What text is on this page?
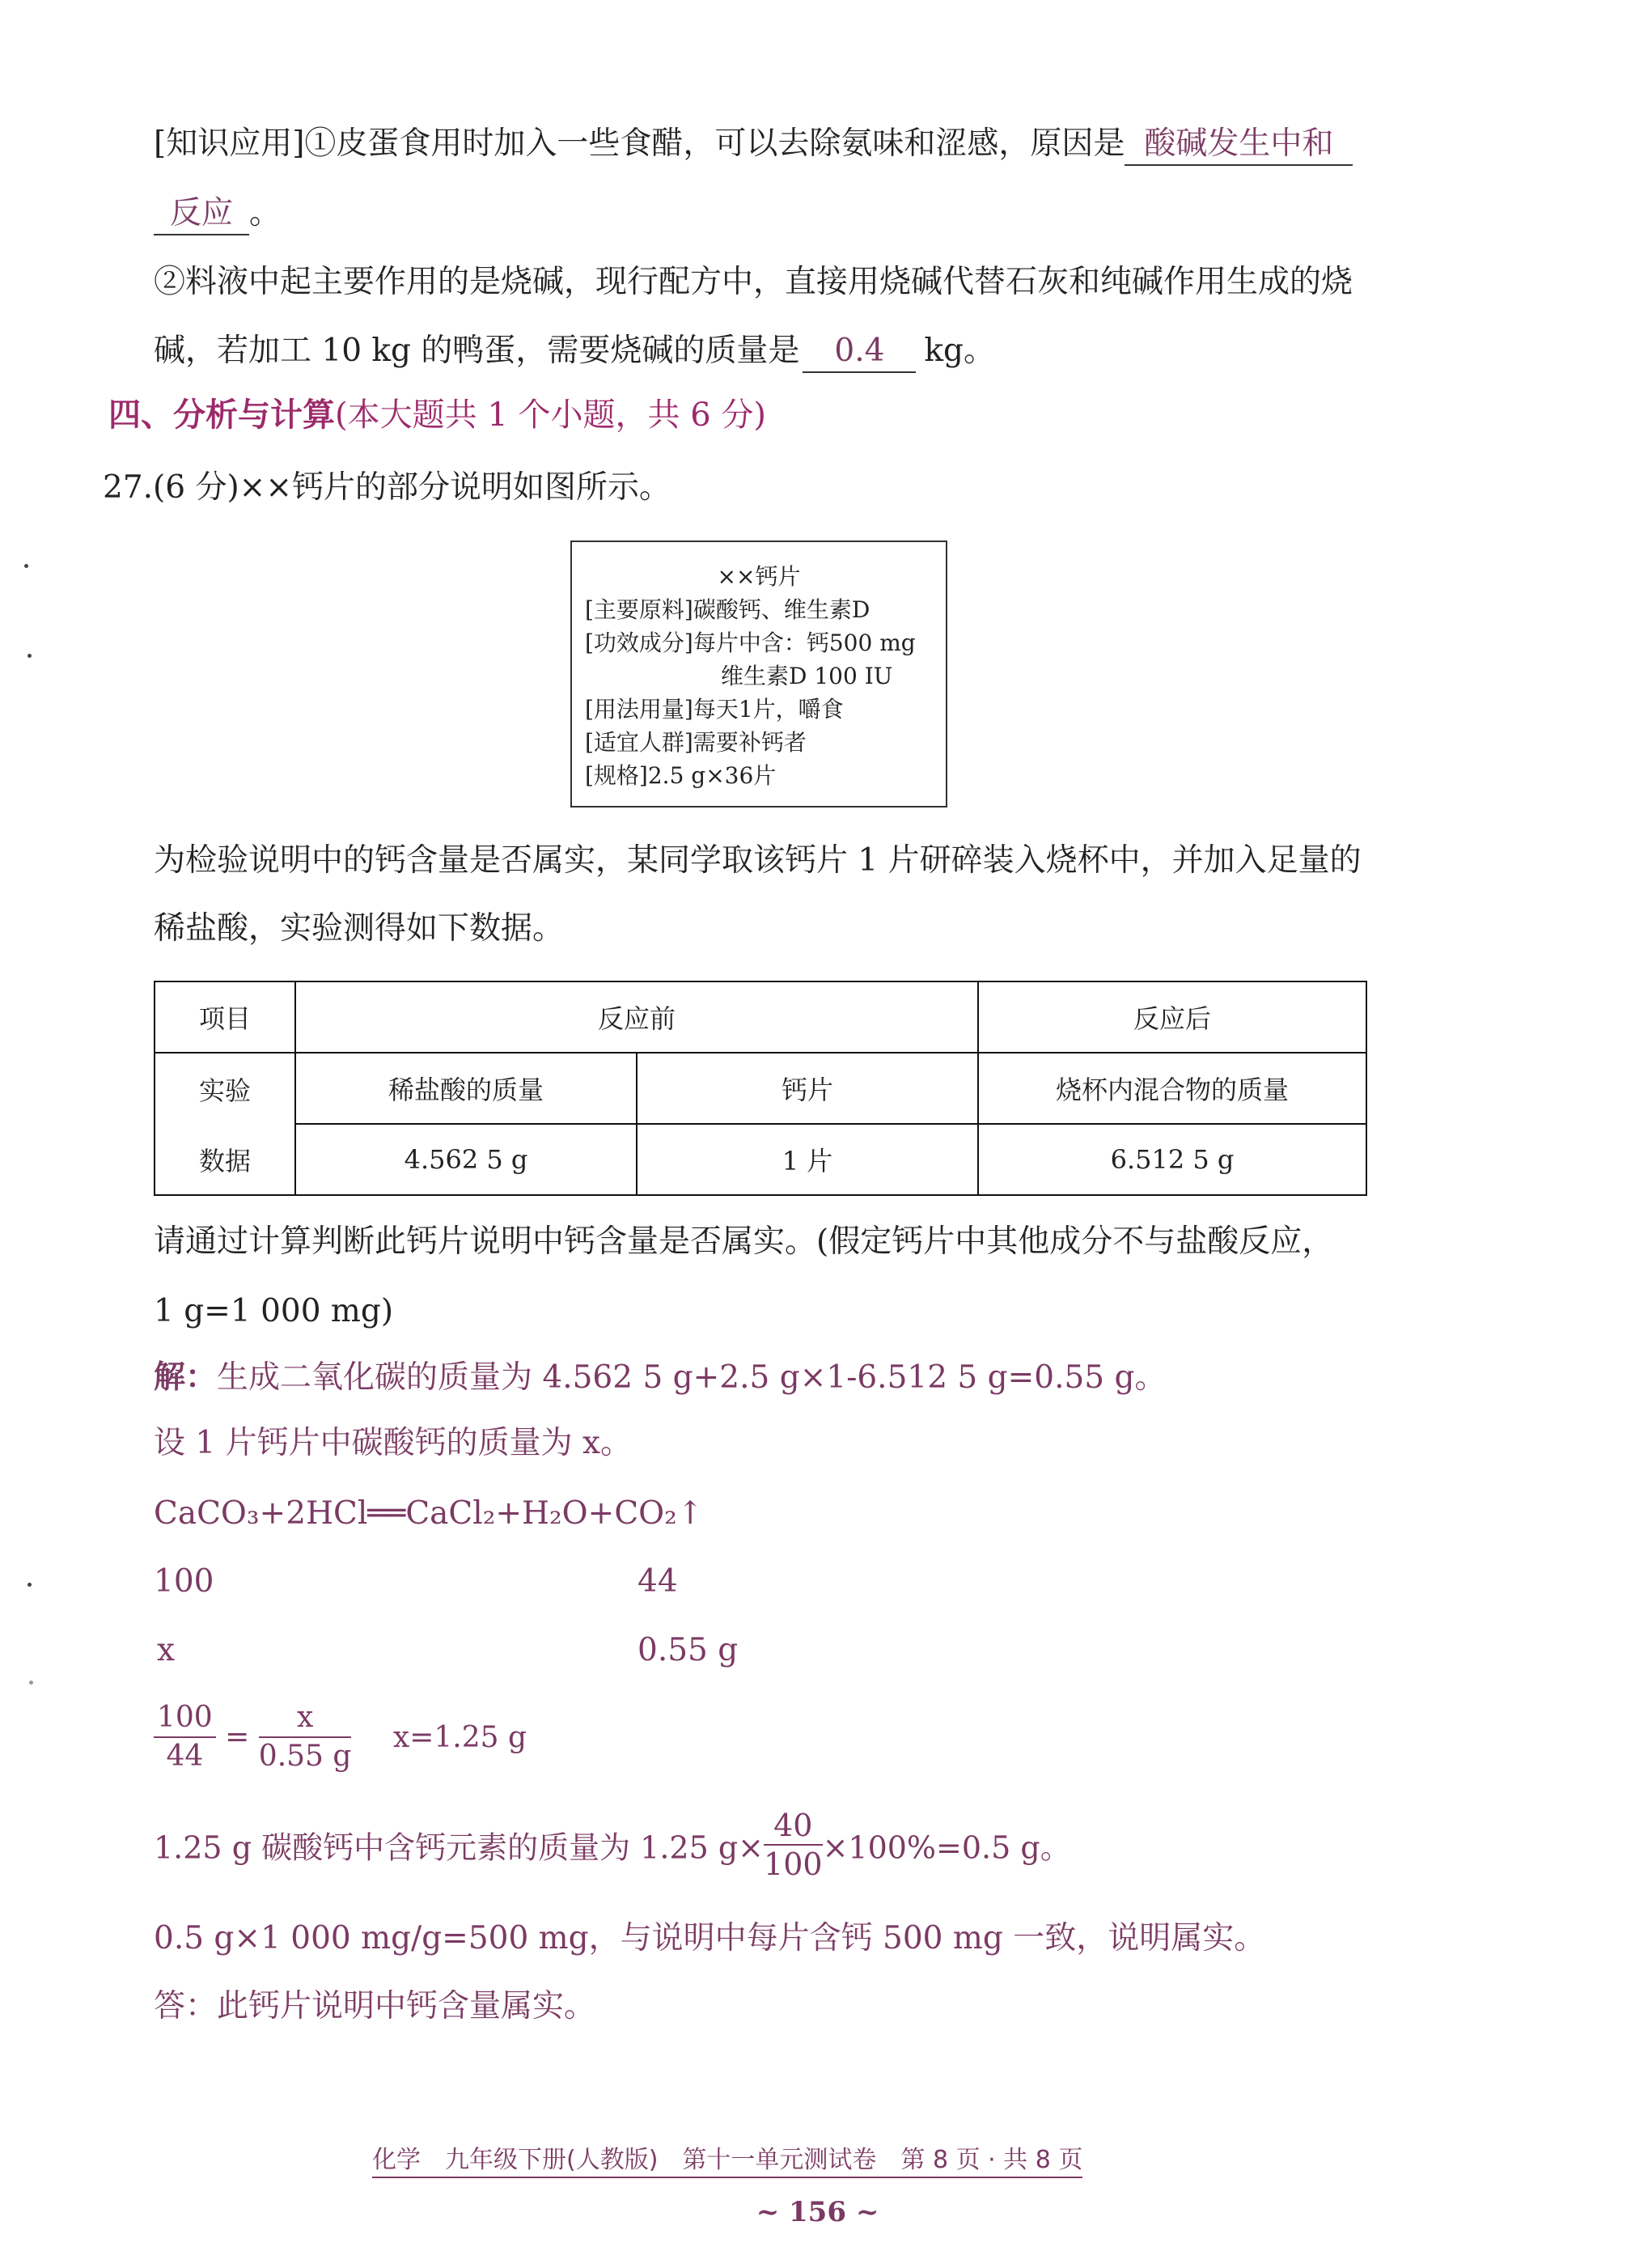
[知识应用]①皮蛋食用时加入一些食醋，可以去除氨味和涩感，原因是 酸碱发生中和
反应 。
②料液中起主要作用的是烧碱，现行配方中，直接用烧碱代替石灰和纯碱作用生成的烧
碱，若加工 10 kg 的鸭蛋，需要烧碱的质量是 0.4 kg。
四、分析与计算(本大题共 1 个小题，共 6 分)
27.(6 分)××钙片的部分说明如图所示。
××钙片
[主要原料]碳酸钙、维生素D
[功效成分]每片中含：钙500 mg
维生素D 100 IU
[用法用量]每天1片，嚼食
[适宜人群]需要补钙者
[规格]2.5 g×36片
为检验说明中的钙含量是否属实，某同学取该钙片 1 片研碎装入烧杯中，并加入足量的
稀盐酸，实验测得如下数据。
项目	反应前		反应后
实验	稀盐酸的质量	钙片	烧杯内混合物的质量
数据	4.562 5 g	1 片	6.512 5 g
请通过计算判断此钙片说明中钙含量是否属实。(假定钙片中其他成分不与盐酸反应，
1 g=1 000 mg)
解：生成二氧化碳的质量为 4.562 5 g+2.5 g×1-6.512 5 g=0.55 g。
设 1 片钙片中碳酸钙的质量为 x。
CaCO₃+2HCl══CaCl₂+H₂O+CO₂↑
100	44
x	0.55 g
$\frac{100}{44} = \frac{x}{0.55 g} x=1.25$ g
1.25 g 碳酸钙中含钙元素的质量为 1.25 $g\times \frac{40}{100} \times 100\%=0.5$ g。
0.5 g×1 000 mg/g=500 mg，与说明中每片含钙 500 mg 一致，说明属实。
答：此钙片说明中钙含量属实。
化学　九年级下册(人教版)　第十一单元测试卷　第 8 页 · 共 8 页
~ 156 ~
